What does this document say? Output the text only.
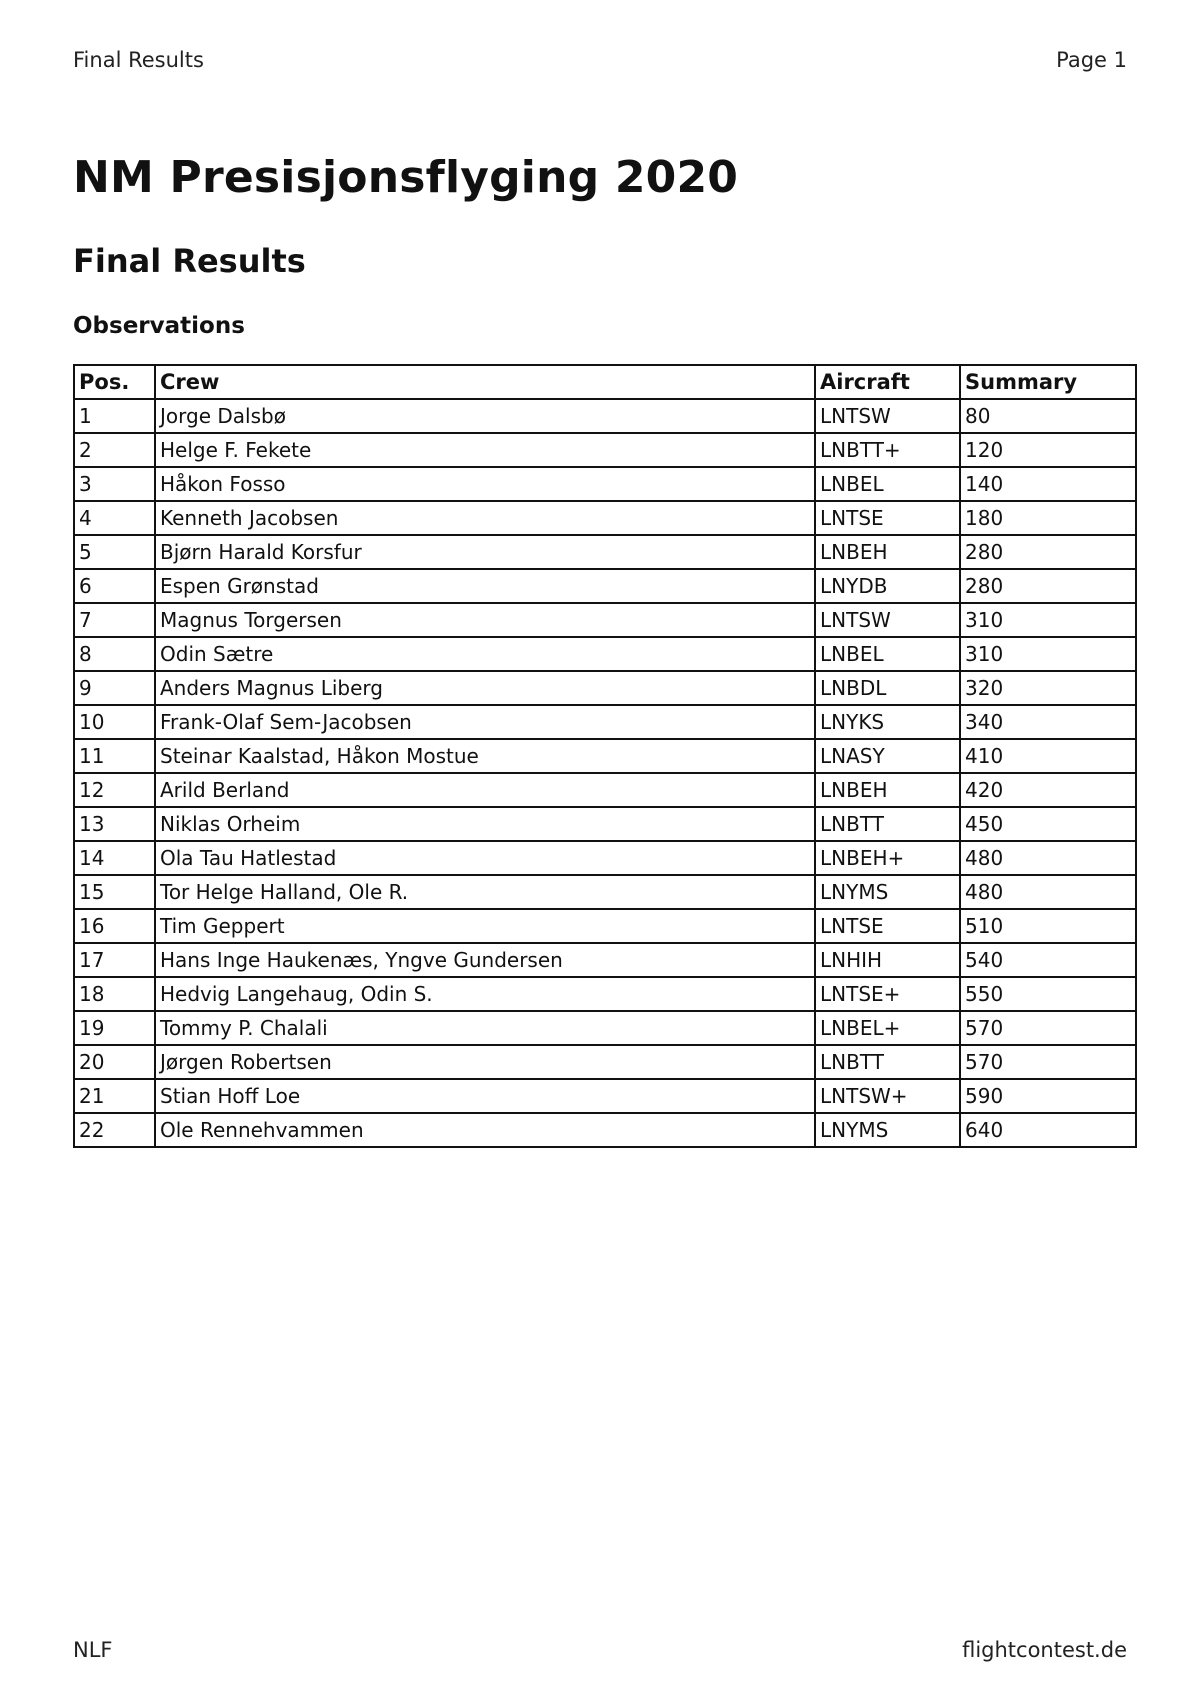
Final Results	Page 1
NM Presisjonsflyging 2020
Final Results
Observations
Pos.	Crew	Aircraft	Summary
1	Jorge Dalsbø	LNTSW	80
2	Helge F. Fekete	LNBTT+	120
3	Håkon Fosso	LNBEL	140
4	Kenneth Jacobsen	LNTSE	180
5	Bjørn Harald Korsfur	LNBEH	280
6	Espen Grønstad	LNYDB	280
7	Magnus Torgersen	LNTSW	310
8	Odin Sætre	LNBEL	310
9	Anders Magnus Liberg	LNBDL	320
10	Frank-Olaf Sem-Jacobsen	LNYKS	340
11	Steinar Kaalstad, Håkon Mostue	LNASY	410
12	Arild Berland	LNBEH	420
13	Niklas Orheim	LNBTT	450
14	Ola Tau Hatlestad	LNBEH+	480
15	Tor Helge Halland, Ole R.	LNYMS	480
16	Tim Geppert	LNTSE	510
17	Hans Inge Haukenæs, Yngve Gundersen	LNHIH	540
18	Hedvig Langehaug, Odin S.	LNTSE+	550
19	Tommy P. Chalali	LNBEL+	570
20	Jørgen Robertsen	LNBTT	570
21	Stian Hoff Loe	LNTSW+	590
22	Ole Rennehvammen	LNYMS	640
NLF	flightcontest.de
